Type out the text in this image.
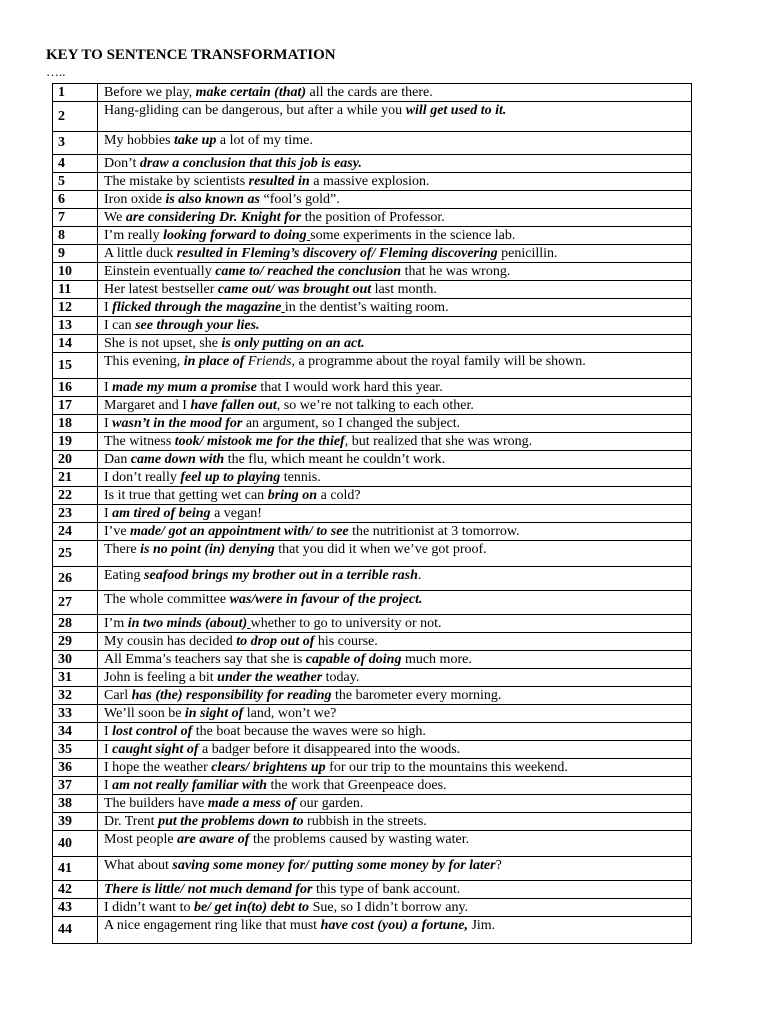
KEY TO SENTENCE TRANSFORMATION
…..
1	Before we play, make certain (that) all the cards are there.
2	Hang-gliding can be dangerous, but after a while you will get used to it.
3	My hobbies take up a lot of my time.
4	Don’t draw a conclusion that this job is easy.
5	The mistake by scientists resulted in a massive explosion.
6	Iron oxide is also known as “fool’s gold”.
7	We are considering Dr. Knight for the position of Professor.
8	I’m really looking forward to doing some experiments in the science lab.
9	A little duck resulted in Fleming’s discovery of/ Fleming discovering penicillin.
10	Einstein eventually came to/ reached the conclusion that he was wrong.
11	Her latest bestseller came out/ was brought out last month.
12	I flicked through the magazine in the dentist’s waiting room.
13	I can see through your lies.
14	She is not upset, she is only putting on an act.
15	This evening, in place of Friends, a programme about the royal family will be shown.
16	I made my mum a promise that I would work hard this year.
17	Margaret and I have fallen out, so we’re not talking to each other.
18	I wasn’t in the mood for an argument, so I changed the subject.
19	The witness took/ mistook me for the thief, but realized that she was wrong.
20	Dan came down with the flu, which meant he couldn’t work.
21	I don’t really feel up to playing tennis.
22	Is it true that getting wet can bring on a cold?
23	I am tired of being a vegan!
24	I’ve made/ got an appointment with/ to see the nutritionist at 3 tomorrow.
25	There is no point (in) denying that you did it when we’ve got proof.
26	Eating seafood brings my brother out in a terrible rash.
27	The whole committee was/were in favour of the project.
28	I’m in two minds (about) whether to go to university or not.
29	My cousin has decided to drop out of his course.
30	All Emma’s teachers say that she is capable of doing much more.
31	John is feeling a bit under the weather today.
32	Carl has (the) responsibility for reading the barometer every morning.
33	We’ll soon be in sight of land, won’t we?
34	I lost control of the boat because the waves were so high.
35	I caught sight of a badger before it disappeared into the woods.
36	I hope the weather clears/ brightens up for our trip to the mountains this weekend.
37	I am not really familiar with the work that Greenpeace does.
38	The builders have made a mess of our garden.
39	Dr. Trent put the problems down to rubbish in the streets.
40	Most people are aware of the problems caused by wasting water.
41	What about saving some money for/ putting some money by for later?
42	There is little/ not much demand for this type of bank account.
43	I didn’t want to be/ get in(to) debt to Sue, so I didn’t borrow any.
44	A nice engagement ring like that must have cost (you) a fortune, Jim.
